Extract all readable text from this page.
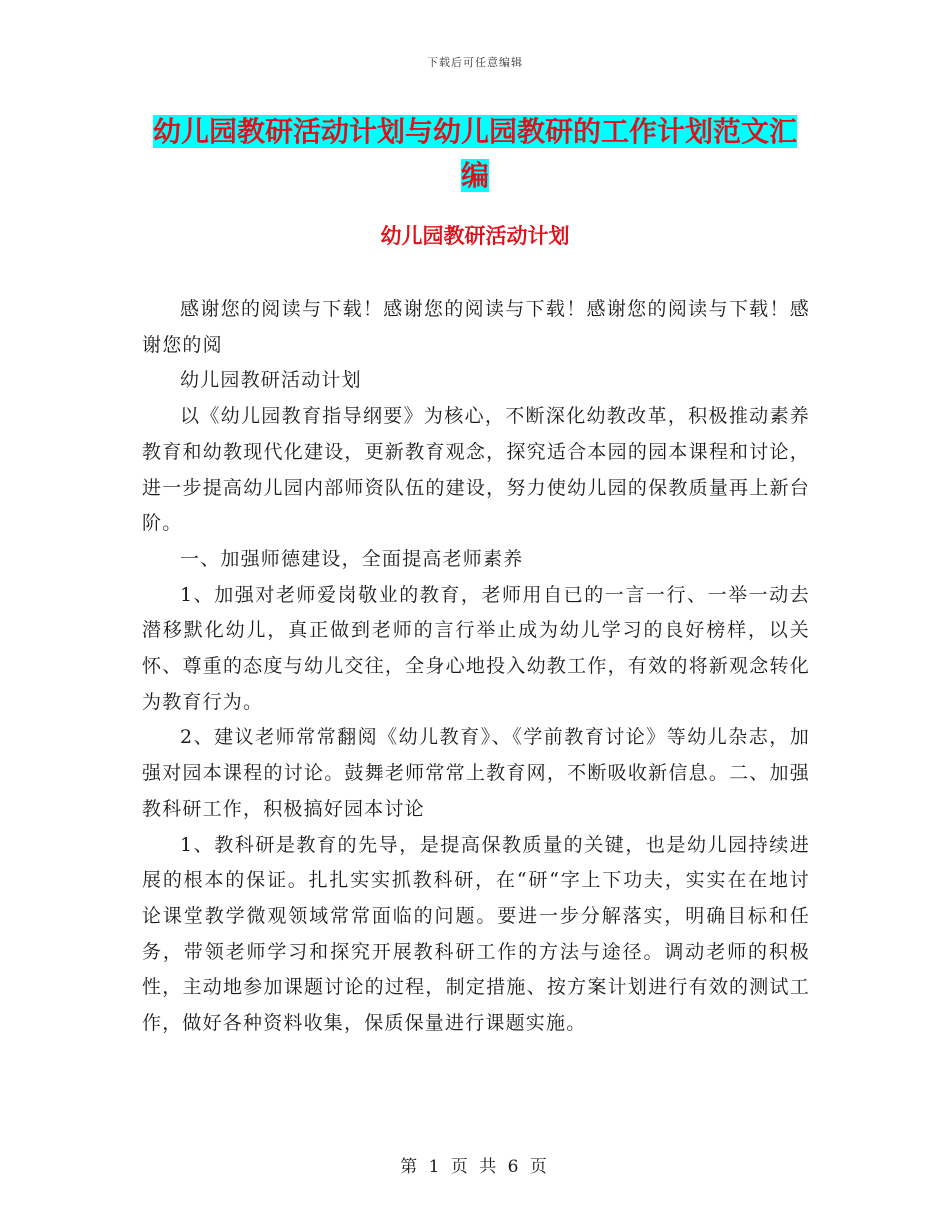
下载后可任意编辑
幼儿园教研活动计划与幼儿园教研的工作计划范文汇编
幼儿园教研活动计划

感谢您的阅读与下载！感谢您的阅读与下载！感谢您的阅读与下载！感谢您的阅

幼儿园教研活动计划

以《幼儿园教育指导纲要》为核心，不断深化幼教改革，积极推动素养教育和幼教现代化建设，更新教育观念，探究适合本园的园本课程和讨论，进一步提高幼儿园内部师资队伍的建设，努力使幼儿园的保教质量再上新台阶。

一、加强师德建设，全面提高老师素养

1、加强对老师爱岗敬业的教育，老师用自已的一言一行、一举一动去潜移默化幼儿，真正做到老师的言行举止成为幼儿学习的良好榜样，以关怀、尊重的态度与幼儿交往，全身心地投入幼教工作，有效的将新观念转化为教育行为。

2、建议老师常常翻阅《幼儿教育》、《学前教育讨论》等幼儿杂志，加强对园本课程的讨论。鼓舞老师常常上教育网，不断吸收新信息。二、加强教科研工作，积极搞好园本讨论

1、教科研是教育的先导，是提高保教质量的关键，也是幼儿园持续进展的根本的保证。扎扎实实抓教科研，在“研“字上下功夫，实实在在地讨论课堂教学微观领域常常面临的问题。要进一步分解落实，明确目标和任务，带领老师学习和探究开展教科研工作的方法与途径。调动老师的积极性，主动地参加课题讨论的过程，制定措施、按方案计划进行有效的测试工作，做好各种资料收集，保质保量进行课题实施。

第 1 页 共 6 页
